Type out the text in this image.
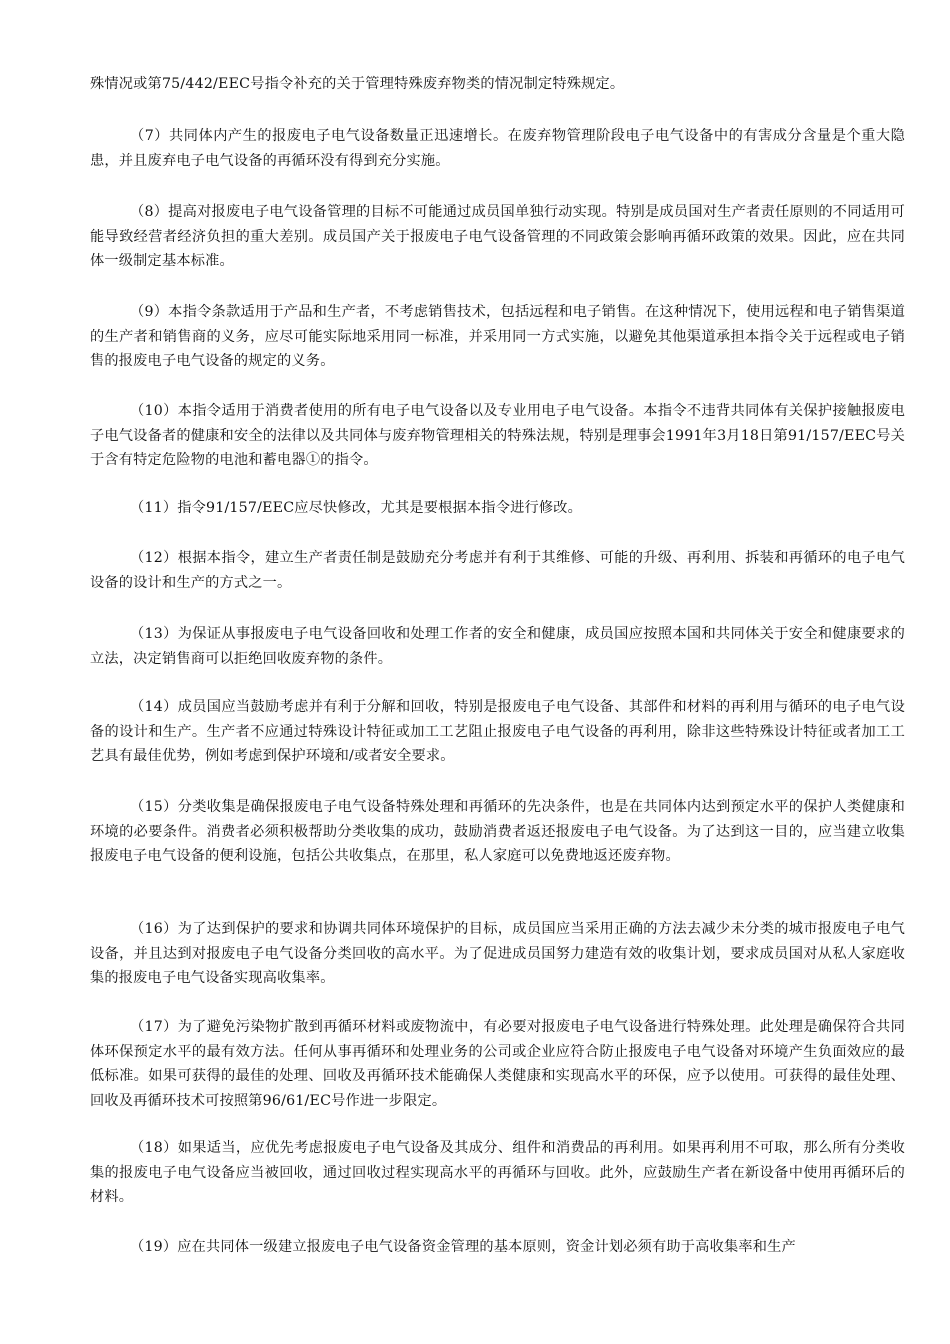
殊情况或第75/442/EEC号指令补充的关于管理特殊废弃物类的情况制定特殊规定。

（7）共同体内产生的报废电子电气设备数量正迅速增长。在废弃物管理阶段电子电气设备中的有害成分含量是个重大隐患，并且废弃电子电气设备的再循环没有得到充分实施。

（8）提高对报废电子电气设备管理的目标不可能通过成员国单独行动实现。特别是成员国对生产者责任原则的不同适用可能导致经营者经济负担的重大差别。成员国产关于报废电子电气设备管理的不同政策会影响再循环政策的效果。因此，应在共同体一级制定基本标准。

（9）本指令条款适用于产品和生产者，不考虑销售技术，包括远程和电子销售。在这种情况下，使用远程和电子销售渠道的生产者和销售商的义务，应尽可能实际地采用同一标准，并采用同一方式实施，以避免其他渠道承担本指令关于远程或电子销售的报废电子电气设备的规定的义务。

（10）本指令适用于消费者使用的所有电子电气设备以及专业用电子电气设备。本指令不违背共同体有关保护接触报废电子电气设备者的健康和安全的法律以及共同体与废弃物管理相关的特殊法规，特别是理事会1991年3月18日第91/157/EEC号关于含有特定危险物的电池和蓄电器①的指令。

（11）指令91/157/EEC应尽快修改，尤其是要根据本指令进行修改。

（12）根据本指令，建立生产者责任制是鼓励充分考虑并有利于其维修、可能的升级、再利用、拆装和再循环的电子电气设备的设计和生产的方式之一。

（13）为保证从事报废电子电气设备回收和处理工作者的安全和健康，成员国应按照本国和共同体关于安全和健康要求的立法，决定销售商可以拒绝回收废弃物的条件。

（14）成员国应当鼓励考虑并有利于分解和回收，特别是报废电子电气设备、其部件和材料的再利用与循环的电子电气设备的设计和生产。生产者不应通过特殊设计特征或加工工艺阻止报废电子电气设备的再利用，除非这些特殊设计特征或者加工工艺具有最佳优势，例如考虑到保护环境和/或者安全要求。

（15）分类收集是确保报废电子电气设备特殊处理和再循环的先决条件，也是在共同体内达到预定水平的保护人类健康和环境的必要条件。消费者必须积极帮助分类收集的成功，鼓励消费者返还报废电子电气设备。为了达到这一目的，应当建立收集报废电子电气设备的便利设施，包括公共收集点，在那里，私人家庭可以免费地返还废弃物。

（16）为了达到保护的要求和协调共同体环境保护的目标，成员国应当采用正确的方法去减少未分类的城市报废电子电气设备，并且达到对报废电子电气设备分类回收的高水平。为了促进成员国努力建造有效的收集计划，要求成员国对从私人家庭收集的报废电子电气设备实现高收集率。

（17）为了避免污染物扩散到再循环材料或废物流中，有必要对报废电子电气设备进行特殊处理。此处理是确保符合共同体环保预定水平的最有效方法。任何从事再循环和处理业务的公司或企业应符合防止报废电子电气设备对环境产生负面效应的最低标准。如果可获得的最佳的处理、回收及再循环技术能确保人类健康和实现高水平的环保，应予以使用。可获得的最佳处理、回收及再循环技术可按照第96/61/EC号作进一步限定。

（18）如果适当，应优先考虑报废电子电气设备及其成分、组件和消费品的再利用。如果再利用不可取，那么所有分类收集的报废电子电气设备应当被回收，通过回收过程实现高水平的再循环与回收。此外，应鼓励生产者在新设备中使用再循环后的材料。

（19）应在共同体一级建立报废电子电气设备资金管理的基本原则，资金计划必须有助于高收集率和生产
